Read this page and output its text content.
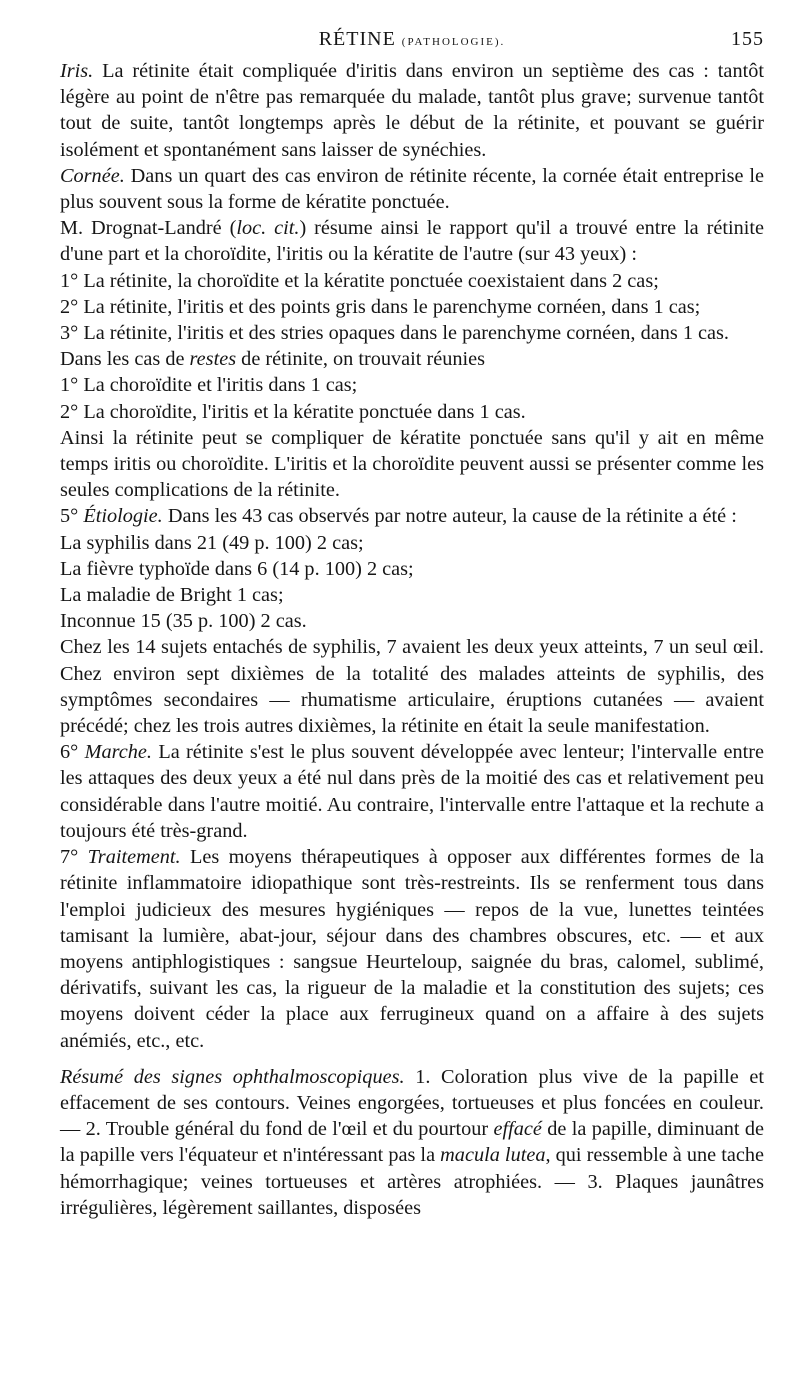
RÉTINE (PATHOLOGIE).	155

Iris. La rétinite était compliquée d'iritis dans environ un septième des cas : tantôt légère au point de n'être pas remarquée du malade, tantôt plus grave; survenue tantôt tout de suite, tantôt longtemps après le début de la rétinite, et pouvant se guérir isolément et spontanément sans laisser de synéchies.

Cornée. Dans un quart des cas environ de rétinite récente, la cornée était entreprise le plus souvent sous la forme de kératite ponctuée.

M. Drognat-Landré (loc. cit.) résume ainsi le rapport qu'il a trouvé entre la rétinite d'une part et la choroïdite, l'iritis ou la kératite de l'autre (sur 43 yeux) :

1° La rétinite, la choroïdite et la kératite ponctuée coexistaient dans 2 cas;

2° La rétinite, l'iritis et des points gris dans le parenchyme cornéen, dans 1 cas;

3° La rétinite, l'iritis et des stries opaques dans le parenchyme cornéen, dans 1 cas.

Dans les cas de restes de rétinite, on trouvait réunies

1° La choroïdite et l'iritis dans 1 cas;

2° La choroïdite, l'iritis et la kératite ponctuée dans 1 cas.

Ainsi la rétinite peut se compliquer de kératite ponctuée sans qu'il y ait en même temps iritis ou choroïdite. L'iritis et la choroïdite peuvent aussi se présenter comme les seules complications de la rétinite.

5° Étiologie. Dans les 43 cas observés par notre auteur, la cause de la rétinite a été :

La syphilis dans 21 (49 p. 100) 2 cas;

La fièvre typhoïde dans 6 (14 p. 100) 2 cas;

La maladie de Bright 1 cas;

Inconnue 15 (35 p. 100) 2 cas.

Chez les 14 sujets entachés de syphilis, 7 avaient les deux yeux atteints, 7 un seul œil. Chez environ sept dixièmes de la totalité des malades atteints de syphilis, des symptômes secondaires — rhumatisme articulaire, éruptions cutanées — avaient précédé; chez les trois autres dixièmes, la rétinite en était la seule manifestation.

6° Marche. La rétinite s'est le plus souvent développée avec lenteur; l'intervalle entre les attaques des deux yeux a été nul dans près de la moitié des cas et relativement peu considérable dans l'autre moitié. Au contraire, l'intervalle entre l'attaque et la rechute a toujours été très-grand.

7° Traitement. Les moyens thérapeutiques à opposer aux différentes formes de la rétinite inflammatoire idiopathique sont très-restreints. Ils se renferment tous dans l'emploi judicieux des mesures hygiéniques — repos de la vue, lunettes teintées tamisant la lumière, abat-jour, séjour dans des chambres obscures, etc. — et aux moyens antiphlogistiques : sangsue Heurteloup, saignée du bras, calomel, sublimé, dérivatifs, suivant les cas, la rigueur de la maladie et la constitution des sujets; ces moyens doivent céder la place aux ferrugineux quand on a affaire à des sujets anémiés, etc., etc.

Résumé des signes ophthalmoscopiques. 1. Coloration plus vive de la papille et effacement de ses contours. Veines engorgées, tortueuses et plus foncées en couleur. — 2. Trouble général du fond de l'œil et du pourtour effacé de la papille, diminuant de la papille vers l'équateur et n'intéressant pas la macula lutea, qui ressemble à une tache hémorrhagique; veines tortueuses et artères atrophiées. — 3. Plaques jaunâtres irrégulières, légèrement saillantes, disposées
